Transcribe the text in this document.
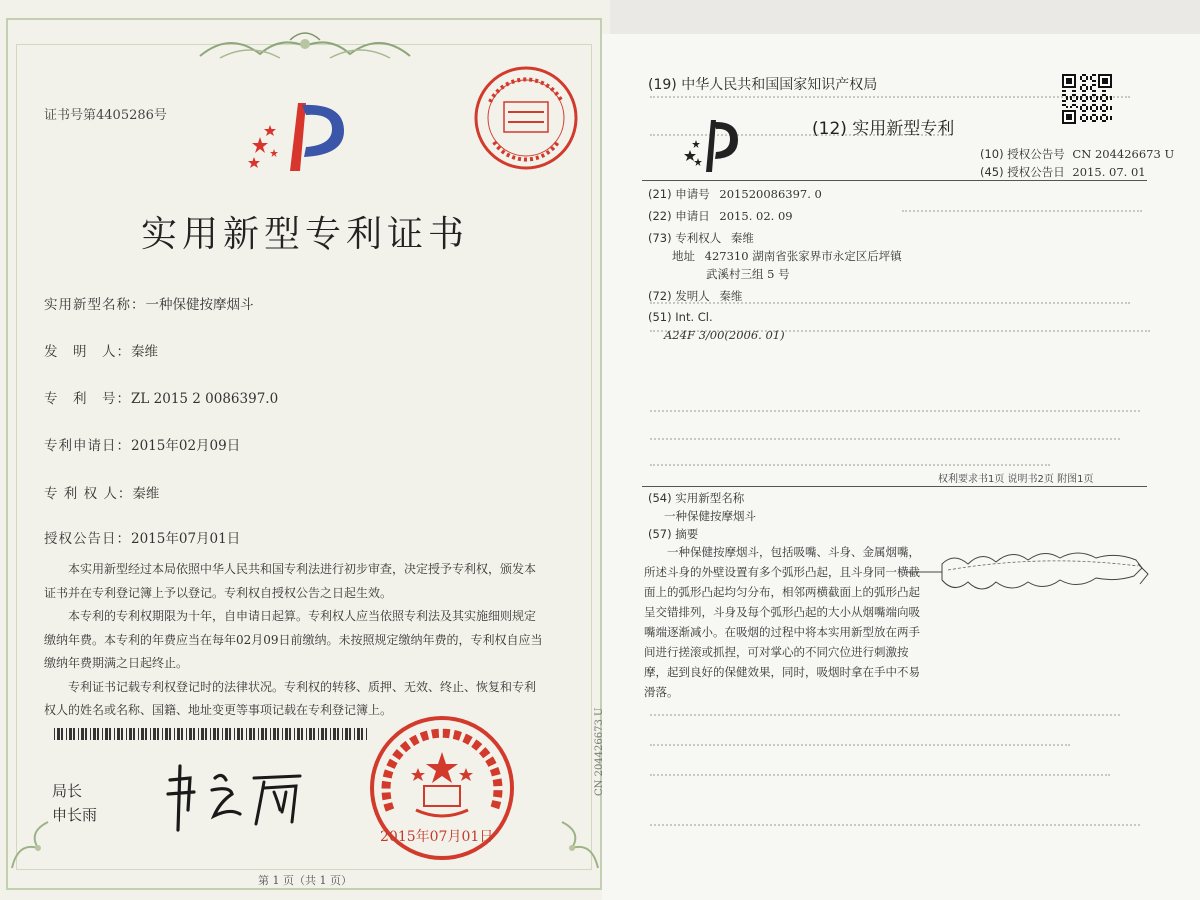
证书号第4405286号
实用新型专利证书
实用新型名称：一种保健按摩烟斗
发　明　人：秦维
专　利　号：ZL 2015 2 0086397.0
专利申请日：2015年02月09日
专 利 权 人：秦维
授权公告日：2015年07月01日

本实用新型经过本局依照中华人民共和国专利法进行初步审查，决定授予专利权，颁发本证书并在专利登记簿上予以登记。专利权自授权公告之日起生效。

本专利的专利权期限为十年，自申请日起算。专利权人应当依照专利法及其实施细则规定缴纳年费。本专利的年费应当在每年02月09日前缴纳。未按照规定缴纳年费的，专利权自应当缴纳年费期满之日起终止。

专利证书记载专利权登记时的法律状况。专利权的转移、质押、无效、终止、恢复和专利权人的姓名或名称、国籍、地址变更等事项记载在专利登记簿上。

局长
申长雨
2015年07月01日
第 1 页（共 1 页）
(19) 中华人民共和国国家知识产权局
(12) 实用新型专利
(10) 授权公告号 CN 204426673 U
(45) 授权公告日 2015. 07. 01
(21) 申请号 201520086397. 0
(22) 申请日 2015. 02. 09
(73) 专利权人 秦维
地址 427310 湖南省张家界市永定区后坪镇
武溪村三组 5 号
(72) 发明人 秦维
(51) Int. Cl.
A24F 3/00(2006. 01)
权利要求书1页 说明书2页 附图1页
(54) 实用新型名称
一种保健按摩烟斗
(57) 摘要

一种保健按摩烟斗，包括吸嘴、斗身、金属烟嘴，所述斗身的外壁设置有多个弧形凸起，且斗身同一横截面上的弧形凸起均匀分布，相邻两横截面上的弧形凸起呈交错排列，斗身及每个弧形凸起的大小从烟嘴端向吸嘴端逐渐减小。在吸烟的过程中将本实用新型放在两手间进行搓滚或抓捏，可对掌心的不同穴位进行刺激按摩，起到良好的保健效果，同时，吸烟时拿在手中不易滑落。

CN 204426673 U
